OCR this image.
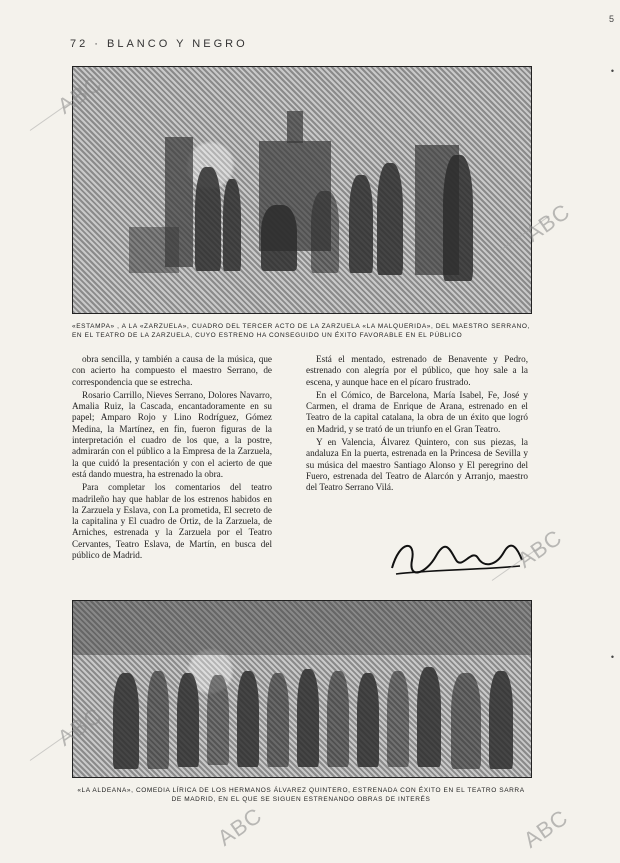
72 · BLANCO Y NEGRO
«ESTAMPA» , A LA «ZARZUELA», CUADRO DEL TERCER ACTO DE LA ZARZUELA «LA MALQUERIDA», DEL MAESTRO SERRANO, EN EL TEATRO DE LA ZARZUELA, CUYO ESTRENO HA CONSEGUIDO UN ÉXITO FAVORABLE EN EL PÚBLICO

obra sencilla, y también a causa de la música, que con acierto ha compuesto el maestro Serrano, de correspondencia que se estrecha.

Rosario Carrillo, Nieves Serrano, Dolores Navarro, Amalia Ruiz, la Cascada, encantadoramente en su papel; Amparo Rojo y Lino Rodríguez, Gómez Medina, la Martínez, en fin, fueron figuras de la interpretación el cuadro de los que, a la postre, admirarán con el público a la Empresa de la Zarzuela, la que cuidó la presentación y con el acierto de que está dando muestra, ha estrenado la obra.

Para completar los comentarios del teatro madrileño hay que hablar de los estrenos habidos en la Zarzuela y Eslava, con La prometida, El secreto de la capitalina y El cuadro de Ortiz, de la Zarzuela, de Arniches, estrenada y la Zarzuela por el Teatro Cervantes, Teatro Eslava, de Martín, en busca del público de Madrid.

Está el mentado, estrenado de Benavente y Pedro, estrenado con alegría por el público, que hoy sale a la escena, y aunque hace en el pícaro frustrado.

En el Cómico, de Barcelona, María Isabel, Fe, José y Carmen, el drama de Enrique de Arana, estrenado en el Teatro de la capital catalana, la obra de un éxito que logró en Madrid, y se trató de un triunfo en el Gran Teatro.

Y en Valencia, Álvarez Quintero, con sus piezas, la andaluza En la puerta, estrenada en la Princesa de Sevilla y su música del maestro Santiago Alonso y El peregrino del Fuero, estrenada del Teatro de Alarcón y Arranjo, maestro del Teatro Serrano Vilá.

«LA ALDEANA», COMEDIA LÍRICA DE LOS HERMANOS ÁLVAREZ QUINTERO, ESTRENADA CON ÉXITO EN EL TEATRO SARRA DE MADRID, EN EL QUE SE SIGUEN ESTRENANDO OBRAS DE INTERÉS
ABC
ABC
ABC
ABC
ABC	ABC
5
•
•
